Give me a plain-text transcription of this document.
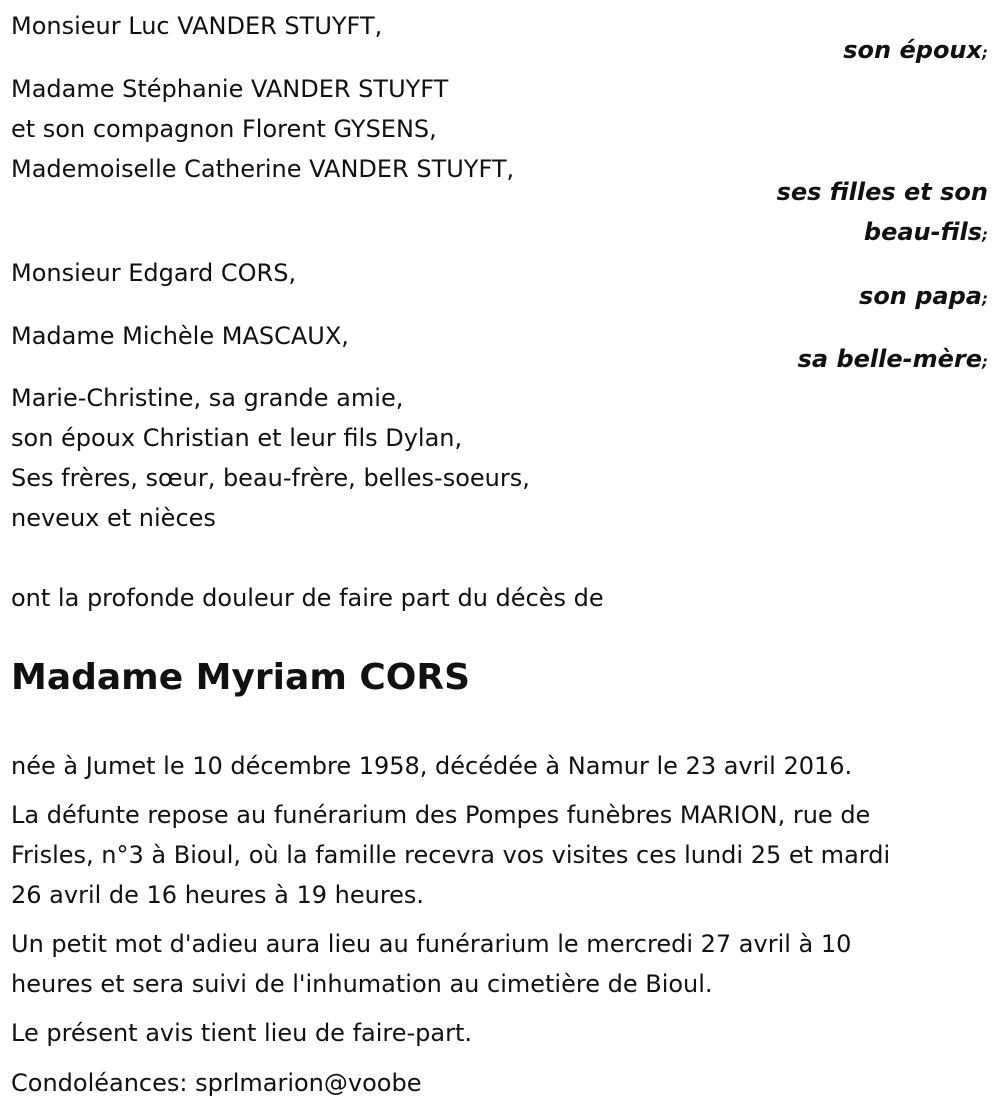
Monsieur Luc VANDER STUYFT,
son époux;
Madame Stéphanie VANDER STUYFT
et son compagnon Florent GYSENS,
Mademoiselle Catherine VANDER STUYFT,
ses filles et son
beau-fils;
Monsieur Edgard CORS,
son papa;
Madame Michèle MASCAUX,
sa belle-mère;
Marie-Christine, sa grande amie,
son époux Christian et leur fils Dylan,
Ses frères, sœur, beau-frère, belles-soeurs,
neveux et nièces
ont la profonde douleur de faire part du décès de
Madame Myriam CORS
née à Jumet le 10 décembre 1958, décédée à Namur le 23 avril 2016.
La défunte repose au funérarium des Pompes funèbres MARION, rue de
Frisles, n°3 à Bioul, où la famille recevra vos visites ces lundi 25 et mardi
26 avril de 16 heures à 19 heures.
Un petit mot d'adieu aura lieu au funérarium le mercredi 27 avril à 10
heures et sera suivi de l'inhumation au cimetière de Bioul.
Le présent avis tient lieu de faire-part.
Condoléances: sprlmarion@voobe
